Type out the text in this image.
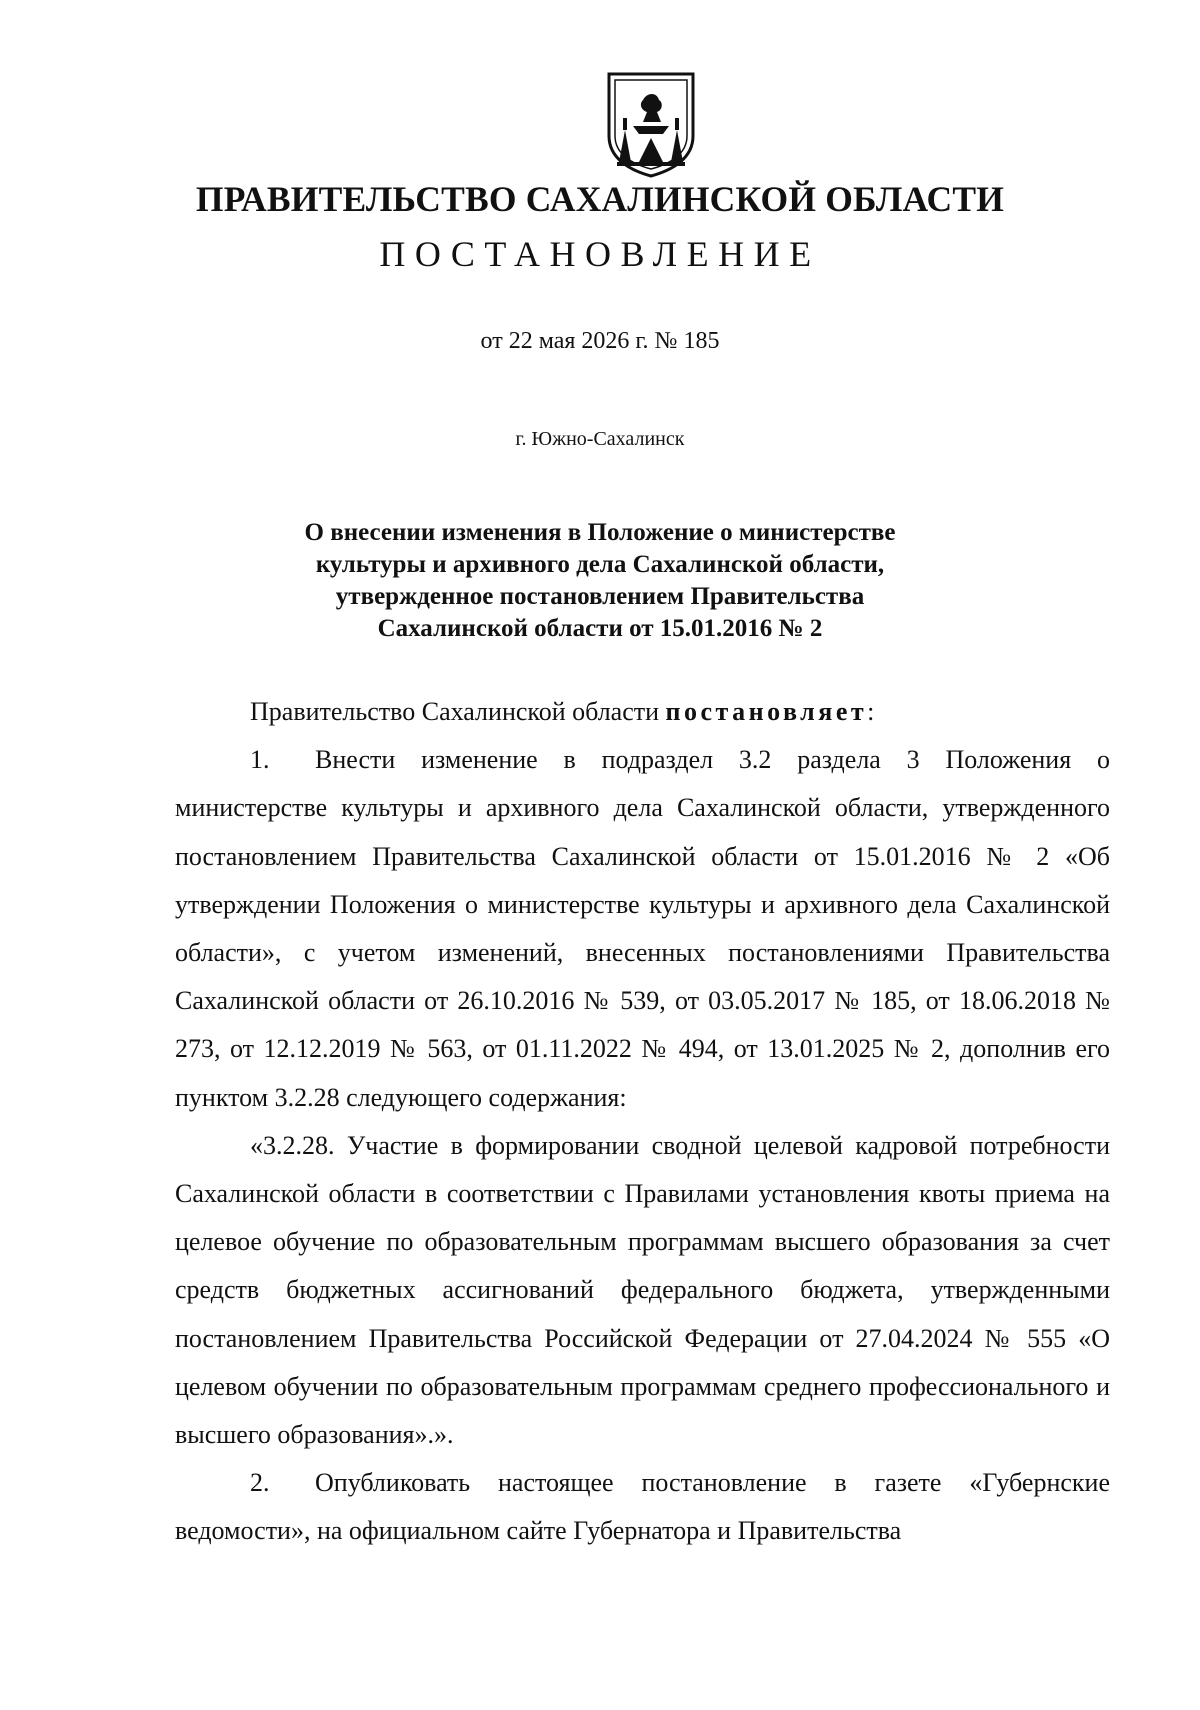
ПРАВИТЕЛЬСТВО САХАЛИНСКОЙ ОБЛАСТИ
ПОСТАНОВЛЕНИЕ
от 22 мая 2026 г. № 185
г. Южно-Сахалинск
О внесении изменения в Положение о министерстве
культуры и архивного дела Сахалинской области,
утвержденное постановлением Правительства
Сахалинской области от 15.01.2016 № 2

Правительство Сахалинской области постановляет:

1. Внести изменение в подраздел 3.2 раздела 3 Положения о министерстве культуры и архивного дела Сахалинской области, утвержденного постановлением Правительства Сахалинской области от 15.01.2016 № 2 «Об утверждении Положения о министерстве культуры и архивного дела Сахалинской области», с учетом изменений, внесенных постановлениями Правительства Сахалинской области от 26.10.2016 № 539, от 03.05.2017 № 185, от 18.06.2018 № 273, от 12.12.2019 № 563, от 01.11.2022 № 494, от 13.01.2025 № 2, дополнив его пунктом 3.2.28 следующего содержания:

«3.2.28. Участие в формировании сводной целевой кадровой потребности Сахалинской области в соответствии с Правилами установления квоты приема на целевое обучение по образовательным программам высшего образования за счет средств бюджетных ассигнований федерального бюджета, утвержденными постановлением Правительства Российской Федерации от 27.04.2024 № 555 «О целевом обучении по образовательным программам среднего профессионального и высшего образования».».

2. Опубликовать настоящее постановление в газете «Губернские ведомости», на официальном сайте Губернатора и Правительства
